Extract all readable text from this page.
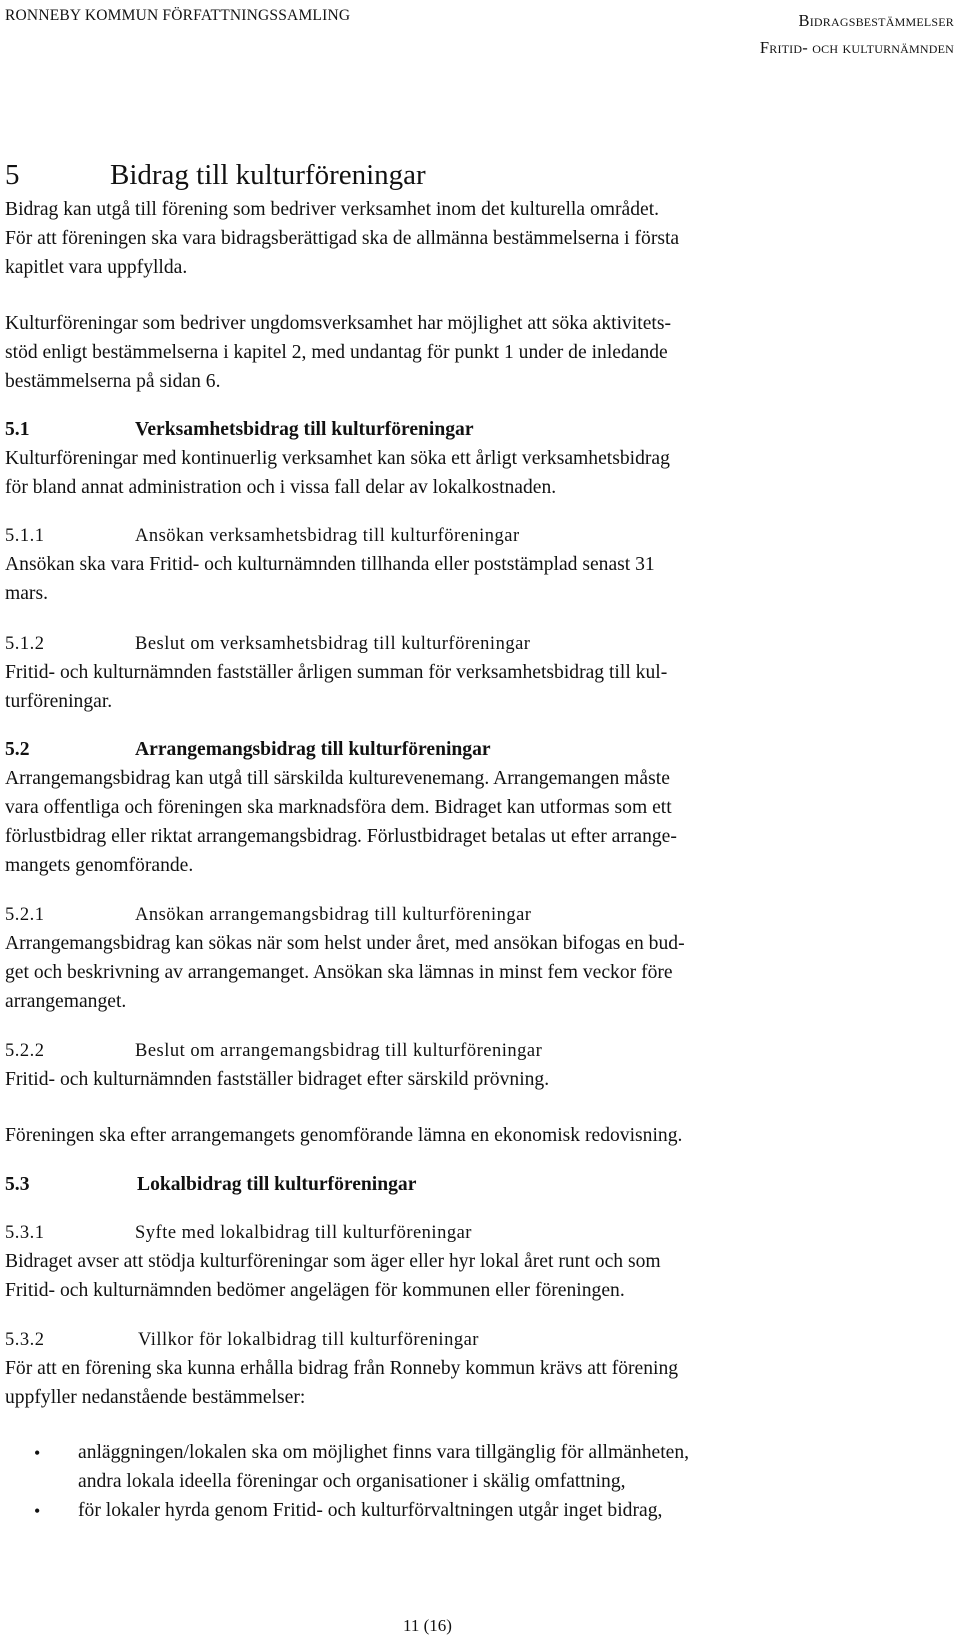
RONNEBY KOMMUN FÖRFATTNINGSSAMLING	Bidragsbestämmelser
Fritid- och kulturnämnden
5	Bidrag till kulturföreningar
Bidrag kan utgå till förening som bedriver verksamhet inom det kulturella området.
För att föreningen ska vara bidragsberättigad ska de allmänna bestämmelserna i första
kapitlet vara uppfyllda.
Kulturföreningar som bedriver ungdomsverksamhet har möjlighet att söka aktivitets-
stöd enligt bestämmelserna i kapitel 2, med undantag för punkt 1 under de inledande
bestämmelserna på sidan 6.
5.1	Verksamhetsbidrag till kulturföreningar
Kulturföreningar med kontinuerlig verksamhet kan söka ett årligt verksamhetsbidrag
för bland annat administration och i vissa fall delar av lokalkostnaden.
5.1.1	Ansökan verksamhetsbidrag till kulturföreningar
Ansökan ska vara Fritid- och kulturnämnden tillhanda eller poststämplad senast 31
mars.
5.1.2	Beslut om verksamhetsbidrag till kulturföreningar
Fritid- och kulturnämnden fastställer årligen summan för verksamhetsbidrag till kul-
turföreningar.
5.2	Arrangemangsbidrag till kulturföreningar
Arrangemangsbidrag kan utgå till särskilda kulturevenemang. Arrangemangen måste
vara offentliga och föreningen ska marknadsföra dem. Bidraget kan utformas som ett
förlustbidrag eller riktat arrangemangsbidrag. Förlustbidraget betalas ut efter arrange-
mangets genomförande.
5.2.1	Ansökan arrangemangsbidrag till kulturföreningar
Arrangemangsbidrag kan sökas när som helst under året, med ansökan bifogas en bud-
get och beskrivning av arrangemanget. Ansökan ska lämnas in minst fem veckor före
arrangemanget.
5.2.2	Beslut om arrangemangsbidrag till kulturföreningar
Fritid- och kulturnämnden fastställer bidraget efter särskild prövning.
Föreningen ska efter arrangemangets genomförande lämna en ekonomisk redovisning.
5.3	Lokalbidrag till kulturföreningar
5.3.1	Syfte med lokalbidrag till kulturföreningar
Bidraget avser att stödja kulturföreningar som äger eller hyr lokal året runt och som
Fritid- och kulturnämnden bedömer angelägen för kommunen eller föreningen.
5.3.2	Villkor för lokalbidrag till kulturföreningar
För att en förening ska kunna erhålla bidrag från Ronneby kommun krävs att förening
uppfyller nedanstående bestämmelser:
• anläggningen/lokalen ska om möjlighet finns vara tillgänglig för allmänheten,
andra lokala ideella föreningar och organisationer i skälig omfattning,
• för lokaler hyrda genom Fritid- och kulturförvaltningen utgår inget bidrag,
11 (16)
